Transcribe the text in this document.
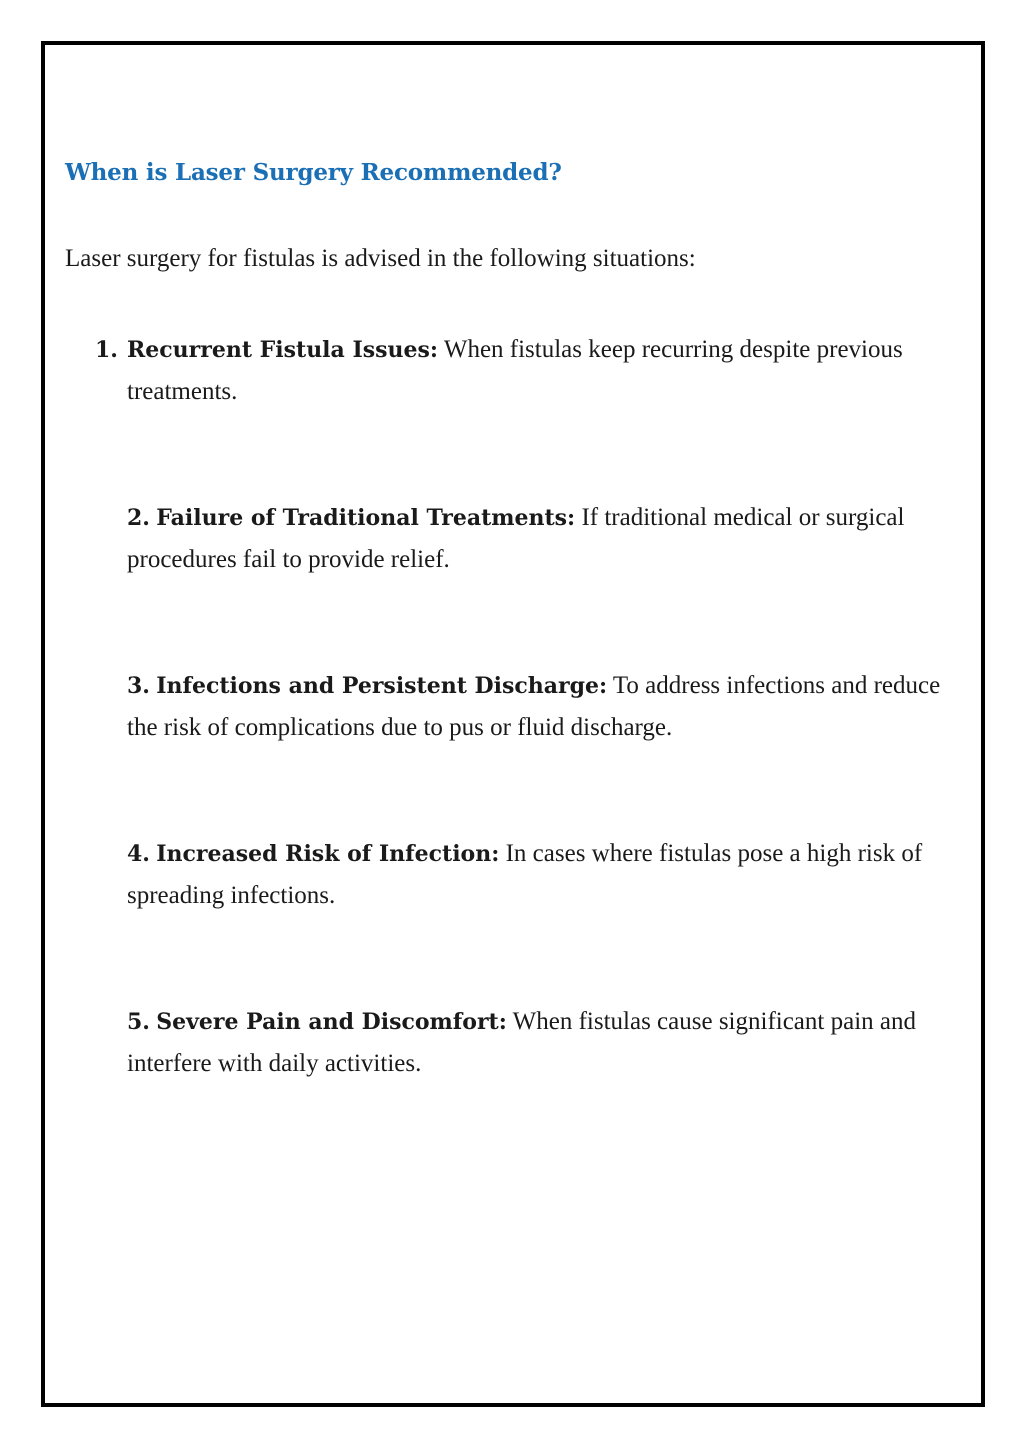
When is Laser Surgery Recommended?

Laser surgery for fistulas is advised in the following situations:

1. Recurrent Fistula Issues: When fistulas keep recurring despite previous treatments.

2. Failure of Traditional Treatments: If traditional medical or surgical procedures fail to provide relief.

3. Infections and Persistent Discharge: To address infections and reduce the risk of complications due to pus or fluid discharge.

4. Increased Risk of Infection: In cases where fistulas pose a high risk of spreading infections.

5. Severe Pain and Discomfort: When fistulas cause significant pain and interfere with daily activities.
